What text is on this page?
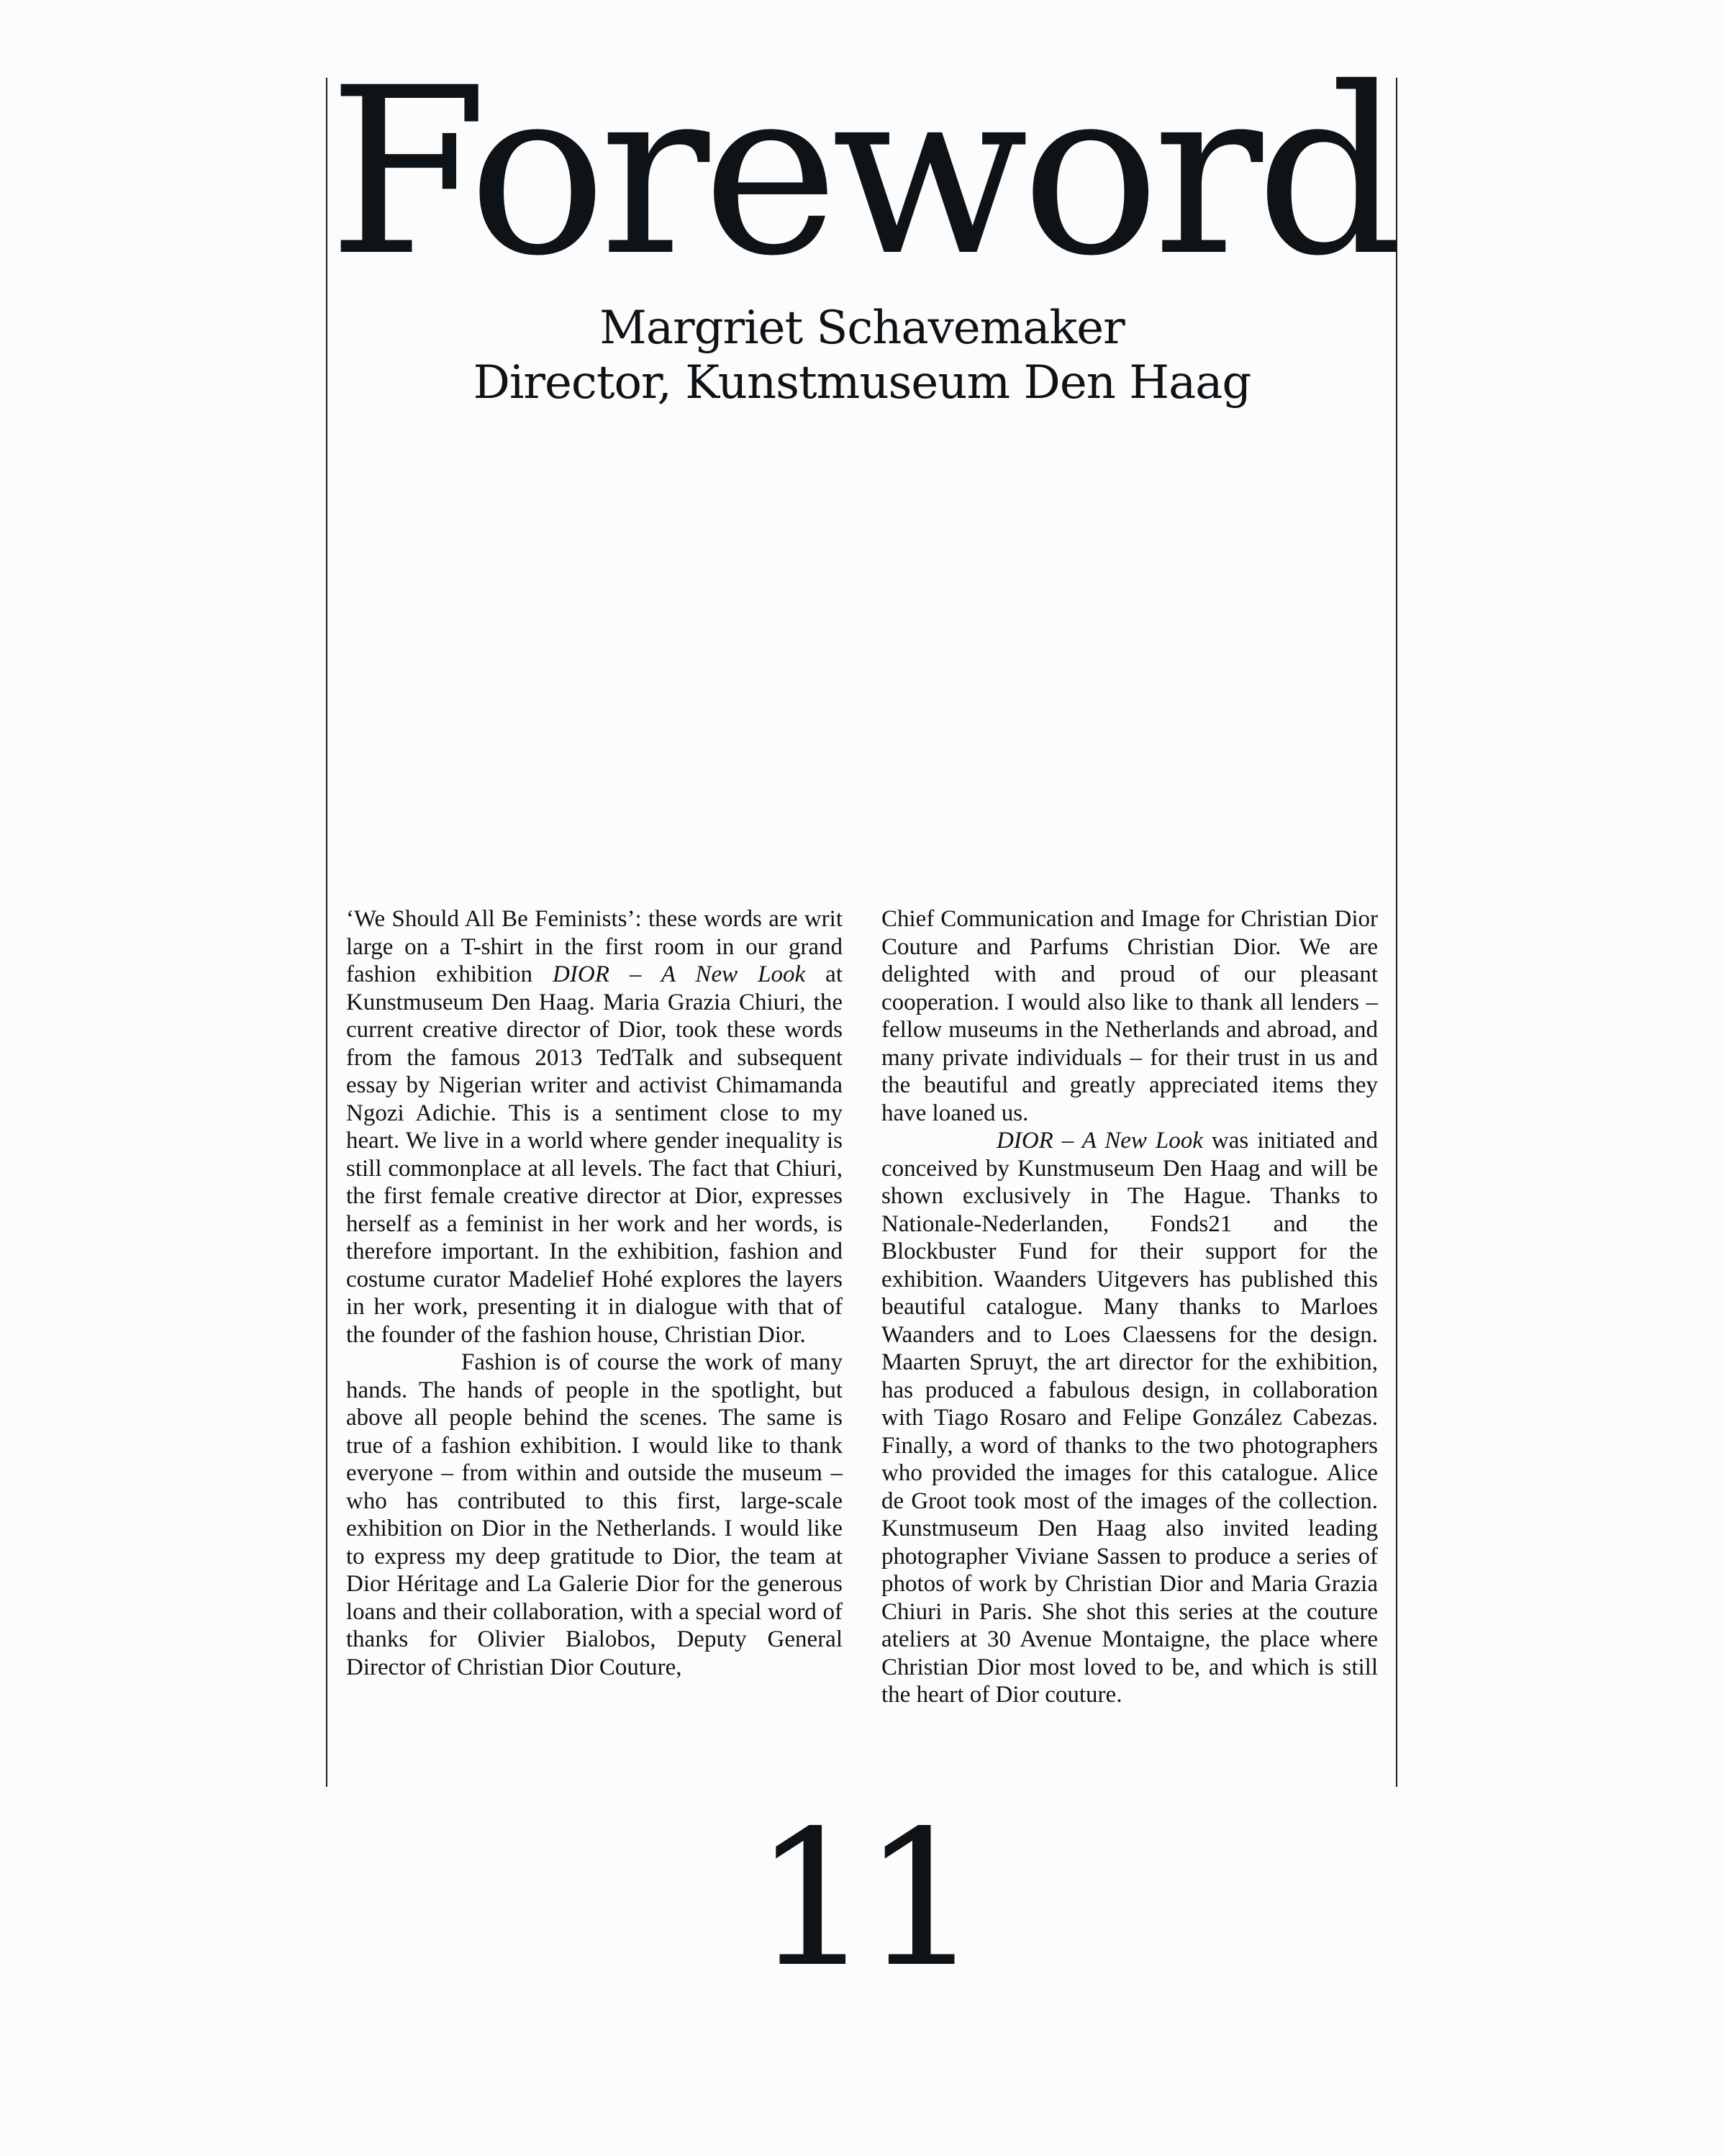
Foreword
Margriet Schavemaker
Director, Kunstmuseum Den Haag

‘We Should All Be Feminists’: these words are writ large on a T-shirt in the first room in our grand fashion exhibition DIOR – A New Look at Kunstmuseum Den Haag. Maria Grazia Chiuri, the current creative director of Dior, took these words from the famous 2013 TedTalk and subsequent essay by Nigerian writer and activist Chimamanda Ngozi Adichie. This is a sentiment close to my heart. We live in a world where gender inequality is still commonplace at all levels. The fact that Chiuri, the first female creative director at Dior, expresses herself as a feminist in her work and her words, is therefore important. In the exhibition, fashion and costume curator Madelief Hohé explores the layers in her work, presenting it in dialogue with that of the founder of the fashion house, Christian Dior.

Fashion is of course the work of many hands. The hands of people in the spotlight, but above all people behind the scenes. The same is true of a fashion exhibition. I would like to thank everyone – from within and outside the museum – who has contributed to this first, large-scale exhibition on Dior in the Netherlands. I would like to express my deep gratitude to Dior, the team at Dior Héritage and La Galerie Dior for the generous loans and their collaboration, with a special word of thanks for Olivier Bialobos, Deputy General Director of Christian Dior Couture,

Chief Communication and Image for Christian Dior Couture and Parfums Christian Dior. We are delighted with and proud of our pleasant cooperation. I would also like to thank all lenders – fellow museums in the Netherlands and abroad, and many private individuals – for their trust in us and the beautiful and greatly appreciated items they have loaned us.

DIOR – A New Look was initiated and conceived by Kunstmuseum Den Haag and will be shown exclusively in The Hague. Thanks to Nationale-Nederlanden, Fonds21 and the Blockbuster Fund for their support for the exhibition. Waanders Uitgevers has published this beautiful catalogue. Many thanks to Marloes Waanders and to Loes Claessens for the design. Maarten Spruyt, the art director for the exhibition, has produced a fabulous design, in collaboration with Tiago Rosaro and Felipe González Cabezas. Finally, a word of thanks to the two photographers who provided the images for this catalogue. Alice de Groot took most of the images of the collection. Kunstmuseum Den Haag also invited leading photographer Viviane Sassen to produce a series of photos of work by Christian Dior and Maria Grazia Chiuri in Paris. She shot this series at the couture ateliers at 30 Avenue Montaigne, the place where Christian Dior most loved to be, and which is still the heart of Dior couture.

11
